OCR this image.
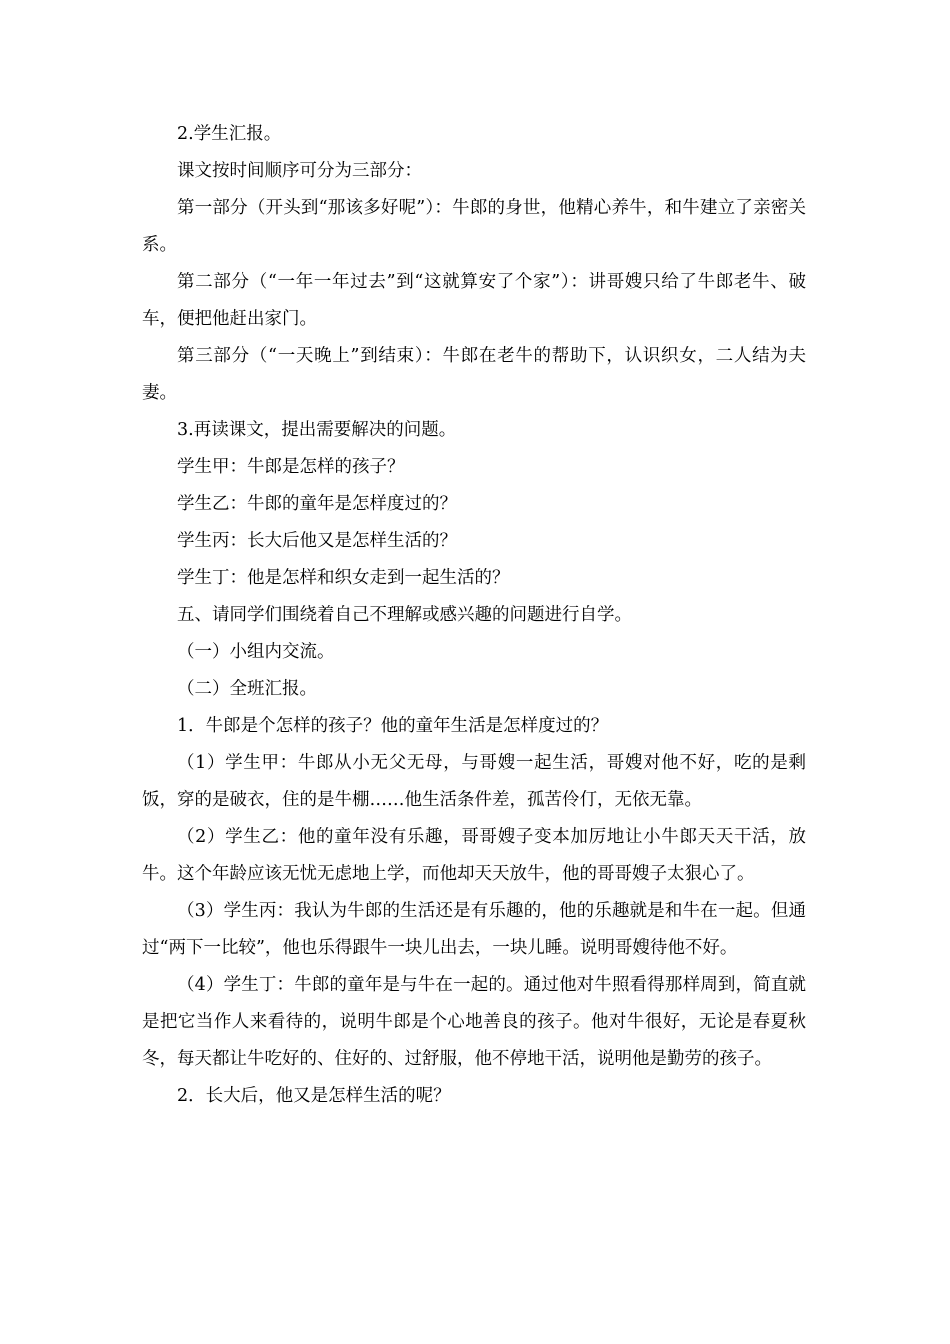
2.学生汇报。

课文按时间顺序可分为三部分：

第一部分（开头到“那该多好呢”）：牛郎的身世，他精心养牛，和牛建立了亲密关系。

第二部分（“一年一年过去”到“这就算安了个家”）：讲哥嫂只给了牛郎老牛、破车，便把他赶出家门。

第三部分（“一天晚上”到结束）：牛郎在老牛的帮助下，认识织女，二人结为夫妻。

3.再读课文，提出需要解决的问题。

学生甲：牛郎是怎样的孩子？

学生乙：牛郎的童年是怎样度过的？

学生丙：长大后他又是怎样生活的？

学生丁：他是怎样和织女走到一起生活的？

五、请同学们围绕着自己不理解或感兴趣的问题进行自学。

（一）小组内交流。

（二）全班汇报。

1．牛郎是个怎样的孩子？他的童年生活是怎样度过的？

（1）学生甲：牛郎从小无父无母，与哥嫂一起生活，哥嫂对他不好，吃的是剩饭，穿的是破衣，住的是牛棚……他生活条件差，孤苦伶仃，无依无靠。

（2）学生乙：他的童年没有乐趣，哥哥嫂子变本加厉地让小牛郎天天干活，放牛。这个年龄应该无忧无虑地上学，而他却天天放牛，他的哥哥嫂子太狠心了。

（3）学生丙：我认为牛郎的生活还是有乐趣的，他的乐趣就是和牛在一起。但通过“两下一比较”，他也乐得跟牛一块儿出去，一块儿睡。说明哥嫂待他不好。

（4）学生丁：牛郎的童年是与牛在一起的。通过他对牛照看得那样周到，简直就是把它当作人来看待的，说明牛郎是个心地善良的孩子。他对牛很好，无论是春夏秋冬，每天都让牛吃好的、住好的、过舒服，他不停地干活，说明他是勤劳的孩子。

2．长大后，他又是怎样生活的呢？
